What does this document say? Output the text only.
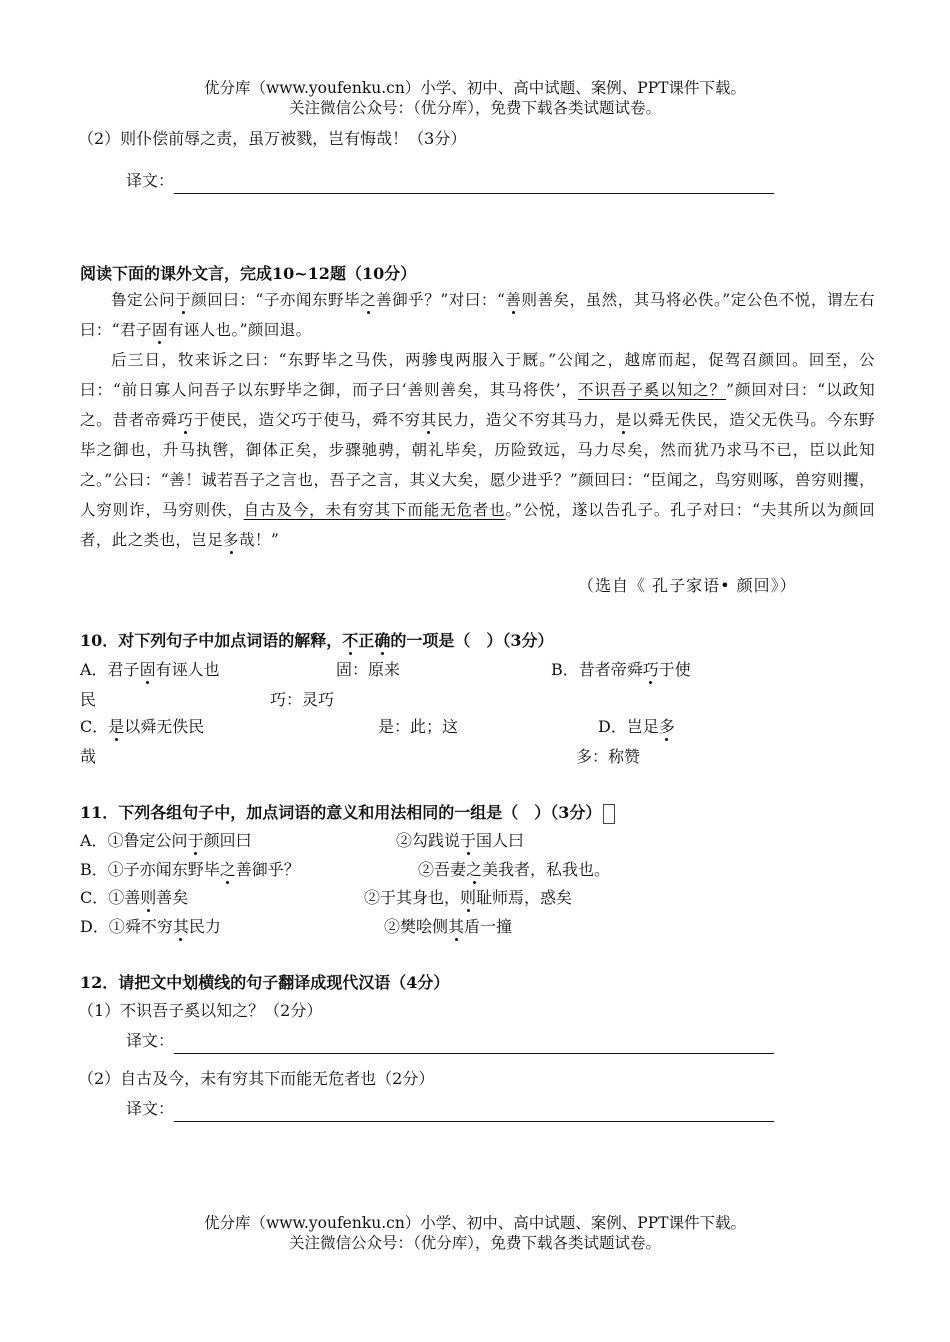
优分库（www.youfenku.cn）小学、初中、高中试题、案例、PPT课件下载。
关注微信公众号：（优分库），免费下载各类试题试卷。
（2）则仆偿前辱之责，虽万被戮，岂有悔哉！（3分）
译文：
阅读下面的课外文言，完成10~12题（10分）

鲁定公问于颜回曰：“子亦闻东野毕之善御乎？”对曰：“善则善矣，虽然，其马将必佚。”定公色不悦，谓左右曰：“君子固有诬人也。”颜回退。

后三日，牧来诉之曰：“东野毕之马佚，两骖曳两服入于厩。”公闻之，越席而起，促驾召颜回。回至，公曰：“前日寡人问吾子以东野毕之御，而子曰‘善则善矣，其马将佚’，不识吾子奚以知之？”颜回对曰：“以政知之。昔者帝舜巧于使民，造父巧于使马，舜不穷其民力，造父不穷其马力，是以舜无佚民，造父无佚马。今东野毕之御也，升马执辔，御体正矣，步骤驰骋，朝礼毕矣，历险致远，马力尽矣，然而犹乃求马不已，臣以此知之。”公曰：“善！诚若吾子之言也，吾子之言，其义大矣，愿少进乎？”颜回曰：“臣闻之，鸟穷则啄，兽穷则攫，人穷则诈，马穷则佚，自古及今，未有穷其下而能无危者也。”公悦，遂以告孔子。孔子对曰：“夫其所以为颜回者，此之类也，岂足多哉！”

（选自《 孔子家语• 颜回》）
10．对下列句子中加点词语的解释，不正确的一项是（　）（3分）
A．君子固有诬人也	固：原来	B．昔者帝舜巧于使
民	巧：灵巧
C．是以舜无佚民	是：此；这	D．岂足多
哉	多：称赞
11．下列各组句子中，加点词语的意义和用法相同的一组是（　）（3分）
A．①鲁定公问于颜回曰	②勾践说于国人曰
B．①子亦闻东野毕之善御乎？	②吾妻之美我者，私我也。
C．①善则善矣	②于其身也，则耻师焉，惑矣
D．①舜不穷其民力	②樊哙侧其盾一撞
12．请把文中划横线的句子翻译成现代汉语（4分）
（1）不识吾子奚以知之？（2分）
译文：
（2）自古及今，未有穷其下而能无危者也（2分）
译文：
优分库（www.youfenku.cn）小学、初中、高中试题、案例、PPT课件下载。
关注微信公众号：（优分库），免费下载各类试题试卷。
